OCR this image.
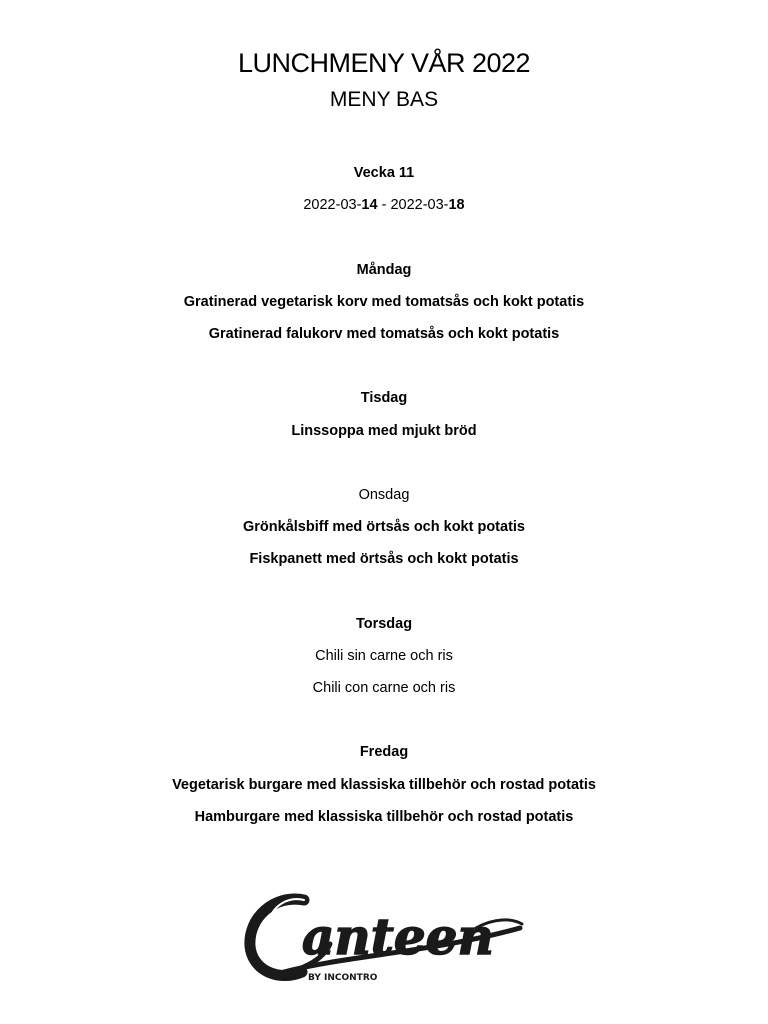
LUNCHMENY VÅR 2022
MENY BAS
Vecka 11
2022-03-14 - 2022-03-18
Måndag
Gratinerad vegetarisk korv med tomatsås och kokt potatis
Gratinerad falukorv med tomatsås och kokt potatis
Tisdag
Linssoppa med mjukt bröd
Onsdag
Grönkålsbiff med örtsås och kokt potatis
Fiskpanett med örtsås och kokt potatis
Torsdag
Chili sin carne och ris
Chili con carne och ris
Fredag
Vegetarisk burgare med klassiska tillbehör och rostad potatis
Hamburgare med klassiska tillbehör och rostad potatis
anteen
BY INCONTRO
